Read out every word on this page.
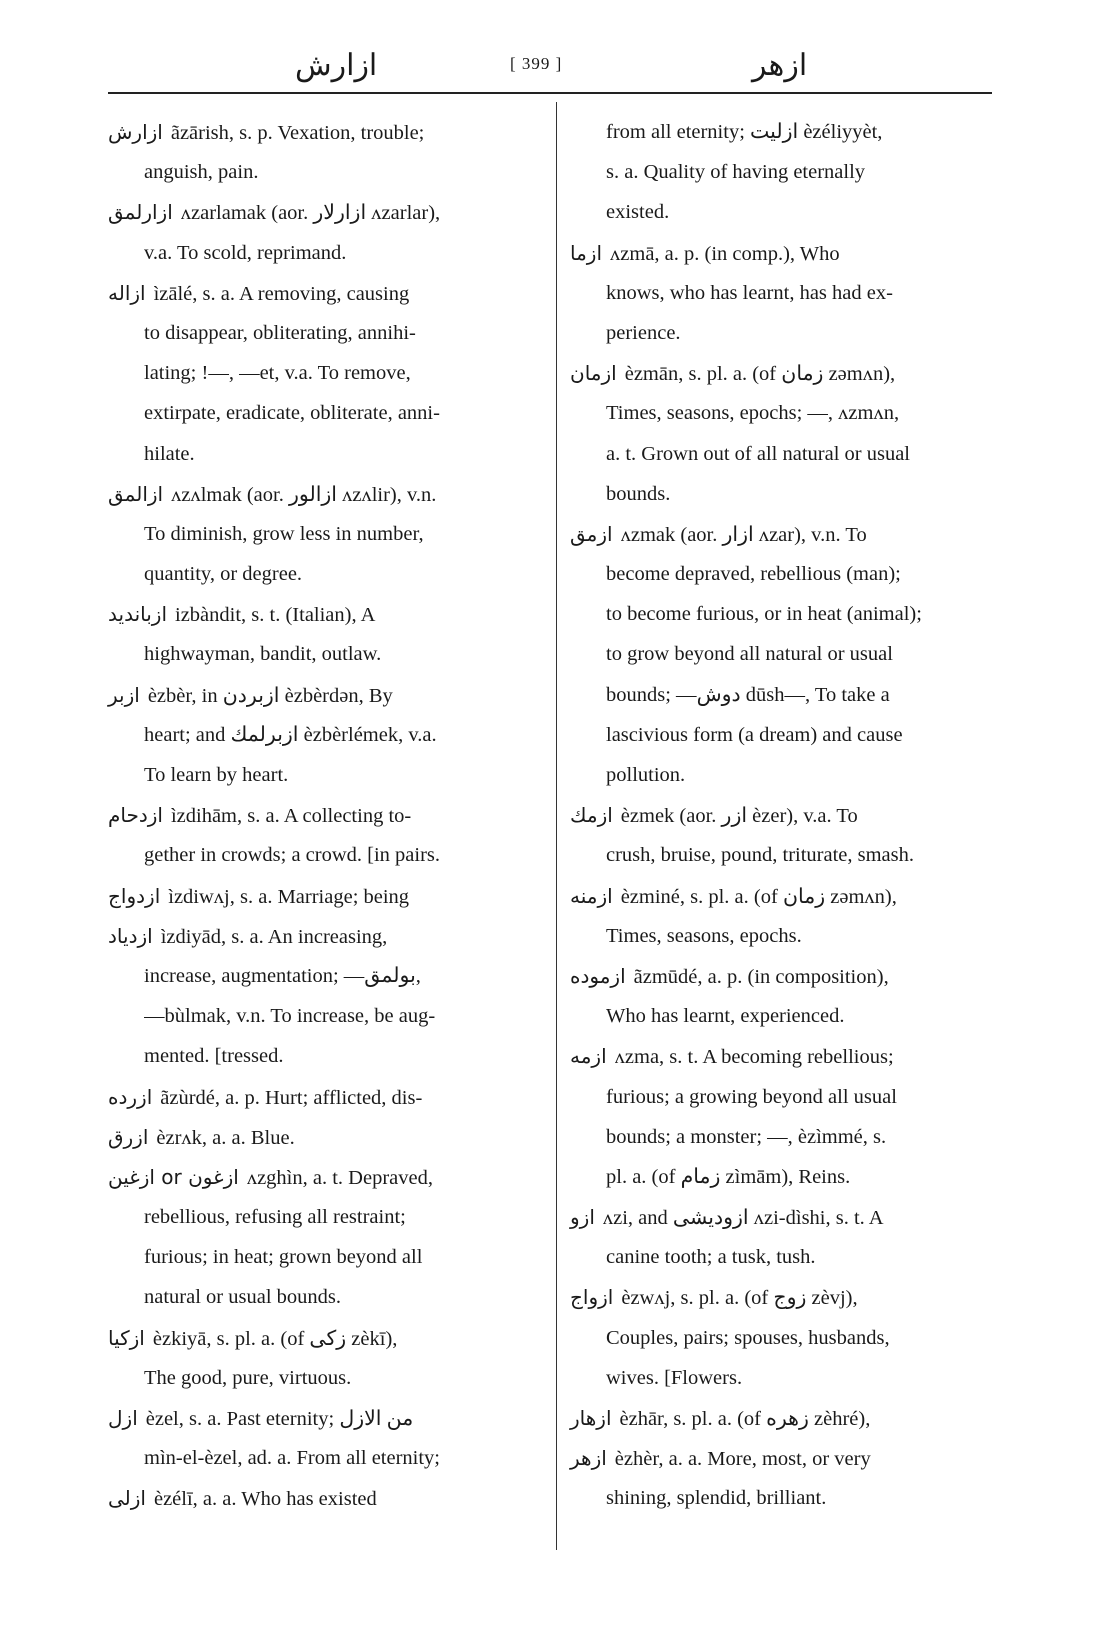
ازارش	[ 399 ]	ازهر
ازارش ãzārish, s. p. Vexation, trouble;
anguish, pain.
ازارلمق ʌzarlamak (aor. ازارلار ʌzarlar),
v.a. To scold, reprimand.
ازاله ìzālé, s. a. A removing, causing
to disappear, obliterating, annihi-
lating; !—, —et, v.a. To remove,
extirpate, eradicate, obliterate, anni-
hilate.
ازالمق ʌzʌlmak (aor. ازالور ʌzʌlir), v.n.
To diminish, grow less in number,
quantity, or degree.
ازباندید izbàndit, s. t. (Italian), A
highwayman, bandit, outlaw.
ازبر èzbèr, in ازبردن èzbèrdən, By
heart; and ازبرلمك èzbèrlémek, v.a.
To learn by heart.
ازدحام ìzdihām, s. a. A collecting to-
gether in crowds; a crowd. [in pairs.
ازدواج ìzdiwʌj, s. a. Marriage; being
ازدیاد ìzdiyād, s. a. An increasing,
increase, augmentation; —بولمق,
—bùlmak, v.n. To increase, be aug-
mented. [tressed.
ازرده ãzùrdé, a. p. Hurt; afflicted, dis-
ازرق èzrʌk, a. a. Blue.
ازغون or ازغین ʌzghìn, a. t. Depraved,
rebellious, refusing all restraint;
furious; in heat; grown beyond all
natural or usual bounds.
ازکیا èzkiyā, s. pl. a. (of زکی zèkī),
The good, pure, virtuous.
ازل èzel, s. a. Past eternity; من الازل
mìn-el-èzel, ad. a. From all eternity;
ازلی èzélī, a. a. Who has existed
from all eternity; ازلیت èzéliyyèt,
s. a. Quality of having eternally
existed.
ازما ʌzmā, a. p. (in comp.), Who
knows, who has learnt, has had ex-
perience.
ازمان èzmān, s. pl. a. (of زمان zəmʌn),
Times, seasons, epochs; —, ʌzmʌn,
a. t. Grown out of all natural or usual
bounds.
ازمق ʌzmak (aor. ازار ʌzar), v.n. To
become depraved, rebellious (man);
to become furious, or in heat (animal);
to grow beyond all natural or usual
bounds; —دوش dūsh—, To take a
lascivious form (a dream) and cause
pollution.
ازمك èzmek (aor. ازر èzer), v.a. To
crush, bruise, pound, triturate, smash.
ازمنه èzminé, s. pl. a. (of زمان zəmʌn),
Times, seasons, epochs.
ازموده ãzmūdé, a. p. (in composition),
Who has learnt, experienced.
ازمه ʌzma, s. t. A becoming rebellious;
furious; a growing beyond all usual
bounds; a monster; —, èzìmmé, s.
pl. a. (of زمام zìmām), Reins.
ازو ʌzi, and ازودیشی ʌzi-dìshi, s. t. A
canine tooth; a tusk, tush.
ازواج èzwʌj, s. pl. a. (of زوج zèvj),
Couples, pairs; spouses, husbands,
wives. [Flowers.
ازهار èzhār, s. pl. a. (of زهره zèhré),
ازهر èzhèr, a. a. More, most, or very
shining, splendid, brilliant.
